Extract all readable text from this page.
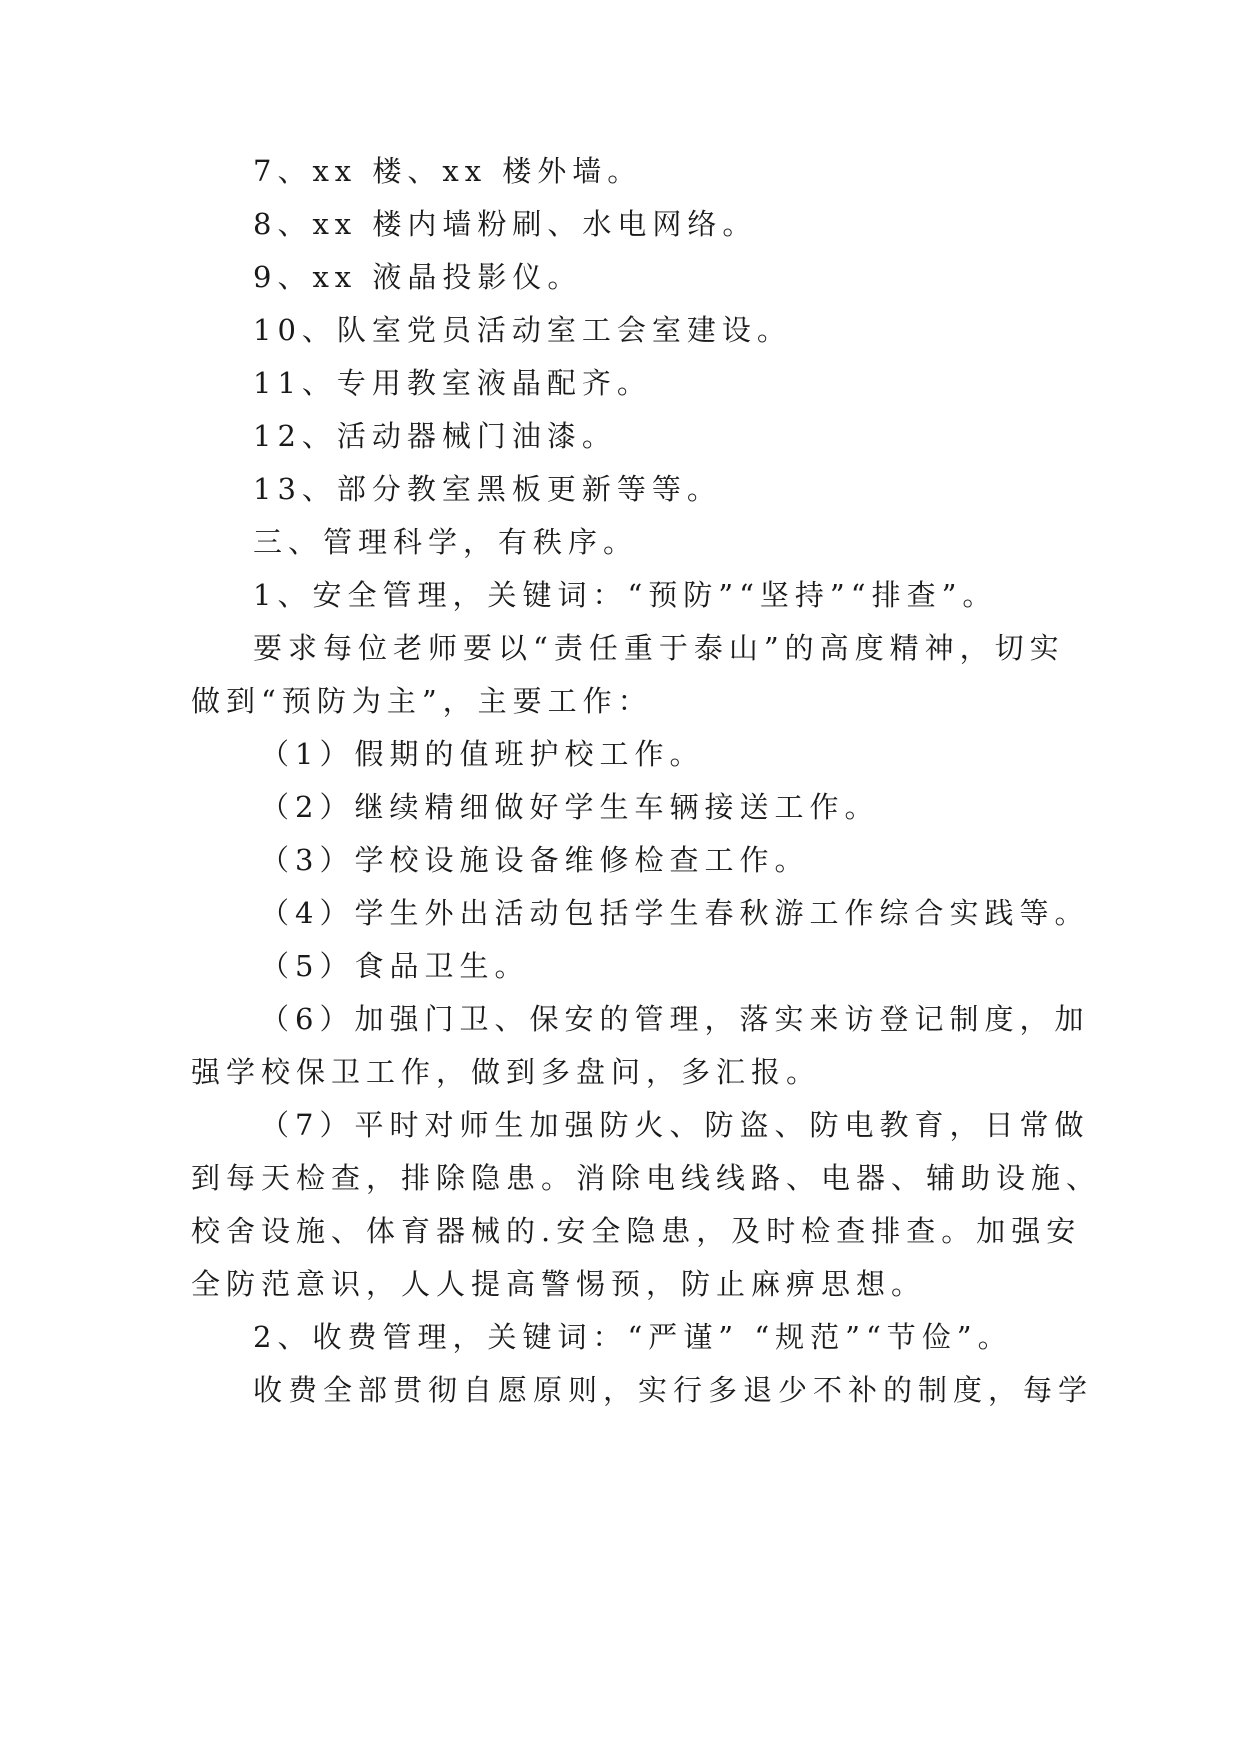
7、xx 楼、xx 楼外墙。
8、xx 楼内墙粉刷、水电网络。
9、xx 液晶投影仪。
10、队室党员活动室工会室建设。
11、专用教室液晶配齐。
12、活动器械门油漆。
13、部分教室黑板更新等等。
三、管理科学，有秩序。
1、安全管理，关键词：“预防”“坚持”“排查”。
要求每位老师要以“责任重于泰山”的高度精神，切实
做到“预防为主”，主要工作：
（1）假期的值班护校工作。
（2）继续精细做好学生车辆接送工作。
（3）学校设施设备维修检查工作。
（4）学生外出活动包括学生春秋游工作综合实践等。
（5）食品卫生。
（6）加强门卫、保安的管理，落实来访登记制度，加
强学校保卫工作，做到多盘问，多汇报。
（7）平时对师生加强防火、防盗、防电教育，日常做
到每天检查，排除隐患。消除电线线路、电器、辅助设施、
校舍设施、体育器械的.安全隐患，及时检查排查。加强安
全防范意识，人人提高警惕预，防止麻痹思想。
2、收费管理，关键词：“严谨” “规范”“节俭”。
收费全部贯彻自愿原则，实行多退少不补的制度，每学
